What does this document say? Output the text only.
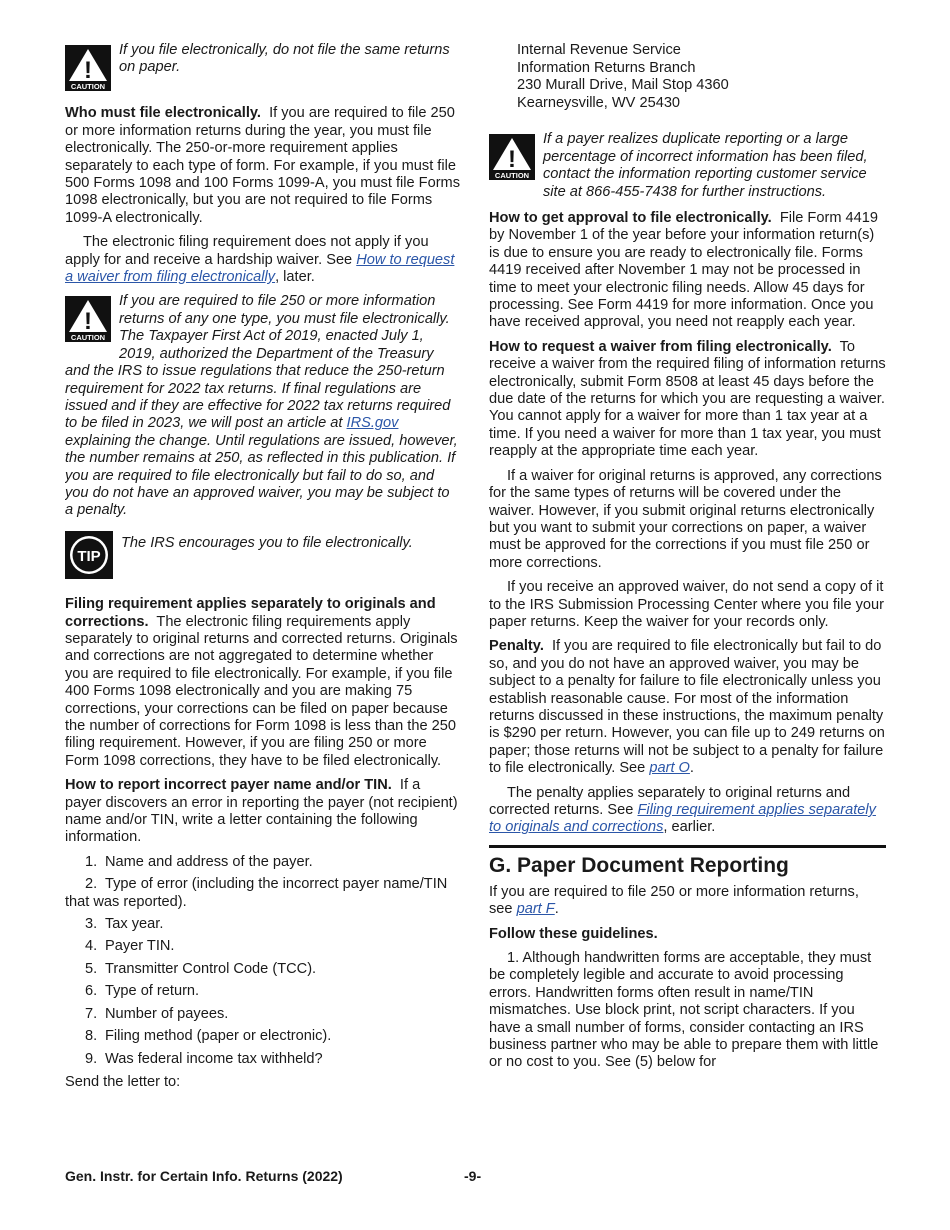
!
CAUTION

If you file electronically, do not file the same returns on paper.

Who must file electronically. If you are required to file 250 or more information returns during the year, you must file electronically. The 250-or-more requirement applies separately to each type of form. For example, if you must file 500 Forms 1098 and 100 Forms 1099-A, you must file Forms 1098 electronically, but you are not required to file Forms 1099-A electronically.

The electronic filing requirement does not apply if you apply for and receive a hardship waiver. See How to request a waiver from filing electronically, later.

!
CAUTION

If you are required to file 250 or more information returns of any one type, you must file electronically. The Taxpayer First Act of 2019, enacted July 1, 2019, authorized the Department of the Treasury and the IRS to issue regulations that reduce the 250-return requirement for 2022 tax returns. If final regulations are issued and if they are effective for 2022 tax returns required to be filed in 2023, we will post an article at IRS.gov explaining the change. Until regulations are issued, however, the number remains at 250, as reflected in this publication. If you are required to file electronically but fail to do so, and you do not have an approved waiver, you may be subject to a penalty.

TIP

The IRS encourages you to file electronically.

Filing requirement applies separately to originals and corrections. The electronic filing requirements apply separately to original returns and corrected returns. Originals and corrections are not aggregated to determine whether you are required to file electronically. For example, if you file 400 Forms 1098 electronically and you are making 75 corrections, your corrections can be filed on paper because the number of corrections for Form 1098 is less than the 250 filing requirement. However, if you are filing 250 or more Form 1098 corrections, they have to be filed electronically.

How to report incorrect payer name and/or TIN. If a payer discovers an error in reporting the payer (not recipient) name and/or TIN, write a letter containing the following information.

1. Name and address of the payer.
2. Type of error (including the incorrect payer name/TIN that was reported).
3. Tax year.
4. Payer TIN.
5. Transmitter Control Code (TCC).
6. Type of return.
7. Number of payees.
8. Filing method (paper or electronic).
9. Was federal income tax withheld?

Send the letter to:

Internal Revenue Service
Information Returns Branch
230 Murall Drive, Mail Stop 4360
Kearneysville, WV 25430
!
CAUTION

If a payer realizes duplicate reporting or a large percentage of incorrect information has been filed, contact the information reporting customer service site at 866-455-7438 for further instructions.

How to get approval to file electronically. File Form 4419 by November 1 of the year before your information return(s) is due to ensure you are ready to electronically file. Forms 4419 received after November 1 may not be processed in time to meet your electronic filing needs. Allow 45 days for processing. See Form 4419 for more information. Once you have received approval, you need not reapply each year.

How to request a waiver from filing electronically. To receive a waiver from the required filing of information returns electronically, submit Form 8508 at least 45 days before the due date of the returns for which you are requesting a waiver. You cannot apply for a waiver for more than 1 tax year at a time. If you need a waiver for more than 1 tax year, you must reapply at the appropriate time each year.

If a waiver for original returns is approved, any corrections for the same types of returns will be covered under the waiver. However, if you submit original returns electronically but you want to submit your corrections on paper, a waiver must be approved for the corrections if you must file 250 or more corrections.

If you receive an approved waiver, do not send a copy of it to the IRS Submission Processing Center where you file your paper returns. Keep the waiver for your records only.

Penalty. If you are required to file electronically but fail to do so, and you do not have an approved waiver, you may be subject to a penalty for failure to file electronically unless you establish reasonable cause. For most of the information returns discussed in these instructions, the maximum penalty is $290 per return. However, you can file up to 249 returns on paper; those returns will not be subject to a penalty for failure to file electronically. See part O.

The penalty applies separately to original returns and corrected returns. See Filing requirement applies separately to originals and corrections, earlier.

G. Paper Document Reporting

If you are required to file 250 or more information returns, see part F.

Follow these guidelines.

1. Although handwritten forms are acceptable, they must be completely legible and accurate to avoid processing errors. Handwritten forms often result in name/TIN mismatches. Use block print, not script characters. If you have a small number of forms, consider contacting an IRS business partner who may be able to prepare them with little or no cost to you. See (5) below for

Gen. Instr. for Certain Info. Returns (2022)	-9-
